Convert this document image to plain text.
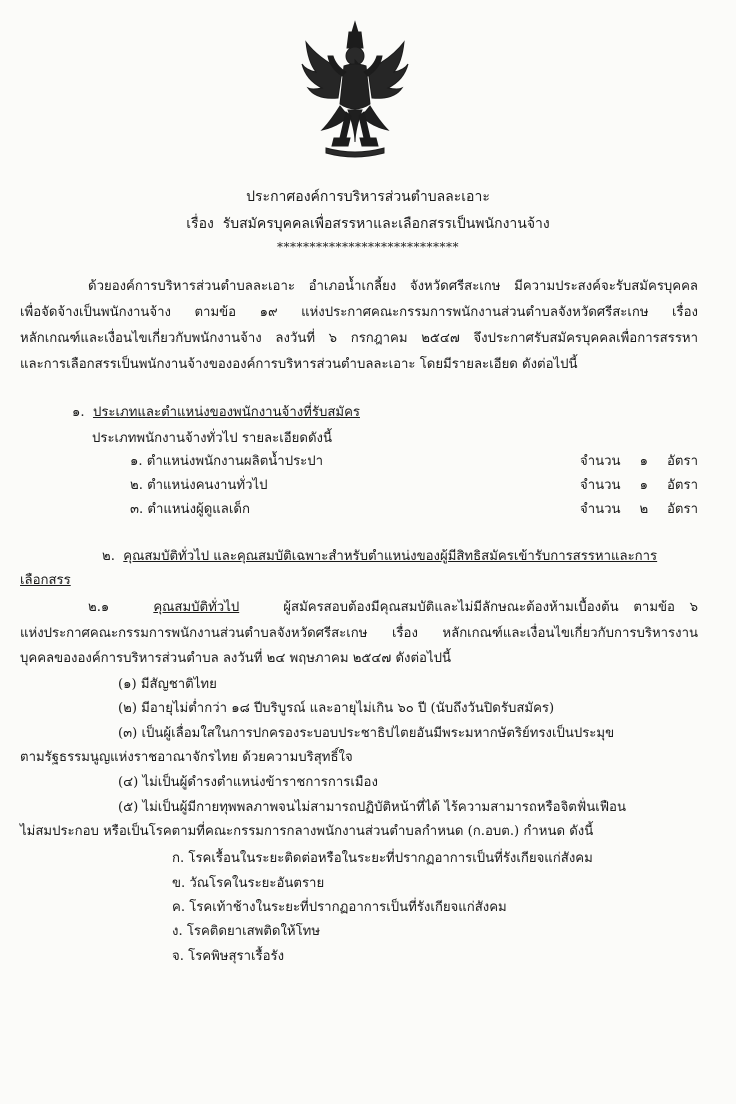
ประกาศองค์การบริหารส่วนตำบลละเอาะ
เรื่อง รับสมัครบุคคลเพื่อสรรหาและเลือกสรรเป็นพนักงานจ้าง
****************************
ด้วยองค์การบริหารส่วนตำบลละเอาะ อำเภอน้ำเกลี้ยง จังหวัดศรีสะเกษ มีความประสงค์จะรับสมัครบุคคล
เพื่อจัดจ้างเป็นพนักงานจ้าง ตามข้อ ๑๙ แห่งประกาศคณะกรรมการพนักงานส่วนตำบลจังหวัดศรีสะเกษ เรื่อง
หลักเกณฑ์และเงื่อนไขเกี่ยวกับพนักงานจ้าง ลงวันที่ ๖ กรกฎาคม ๒๕๔๗ จึงประกาศรับสมัครบุคคลเพื่อการสรรหา
และการเลือกสรรเป็นพนักงานจ้างขององค์การบริหารส่วนตำบลละเอาะ โดยมีรายละเอียด ดังต่อไปนี้
๑. ประเภทและตำแหน่งของพนักงานจ้างที่รับสมัคร
ประเภทพนักงานจ้างทั่วไป รายละเอียดดังนี้
๑. ตำแหน่งพนักงานผลิตน้ำประปา	จำนวน ๑ อัตรา
๒. ตำแหน่งคนงานทั่วไป	จำนวน ๑ อัตรา
๓. ตำแหน่งผู้ดูแลเด็ก	จำนวน ๒ อัตรา
๒. คุณสมบัติทั่วไป และคุณสมบัติเฉพาะสำหรับตำแหน่งของผู้มีสิทธิสมัครเข้ารับการสรรหาและการ
เลือกสรร
๒.๑	คุณสมบัติทั่วไป	ผู้สมัครสอบต้องมีคุณสมบัติและไม่มีลักษณะต้องห้ามเบื้องต้น ตามข้อ ๖
แห่งประกาศคณะกรรมการพนักงานส่วนตำบลจังหวัดศรีสะเกษ เรื่อง หลักเกณฑ์และเงื่อนไขเกี่ยวกับการบริหารงาน
บุคคลขององค์การบริหารส่วนตำบล ลงวันที่ ๒๔ พฤษภาคม ๒๕๔๗ ดังต่อไปนี้
(๑) มีสัญชาติไทย
(๒) มีอายุไม่ต่ำกว่า ๑๘ ปีบริบูรณ์ และอายุไม่เกิน ๖๐ ปี (นับถึงวันปิดรับสมัคร)
(๓) เป็นผู้เลื่อมใสในการปกครองระบอบประชาธิปไตยอันมีพระมหากษัตริย์ทรงเป็นประมุข
ตามรัฐธรรมนูญแห่งราชอาณาจักรไทย ด้วยความบริสุทธิ์ใจ
(๔) ไม่เป็นผู้ดำรงตำแหน่งข้าราชการการเมือง
(๕) ไม่เป็นผู้มีกายทุพพลภาพจนไม่สามารถปฏิบัติหน้าที่ได้ ไร้ความสามารถหรือจิตฟั่นเฟือน
ไม่สมประกอบ หรือเป็นโรคตามที่คณะกรรมการกลางพนักงานส่วนตำบลกำหนด (ก.อบต.) กำหนด ดังนี้
ก. โรคเรื้อนในระยะติดต่อหรือในระยะที่ปรากฏอาการเป็นที่รังเกียจแก่สังคม
ข. วัณโรคในระยะอันตราย
ค. โรคเท้าช้างในระยะที่ปรากฏอาการเป็นที่รังเกียจแก่สังคม
ง. โรคติดยาเสพติดให้โทษ
จ. โรคพิษสุราเรื้อรัง
